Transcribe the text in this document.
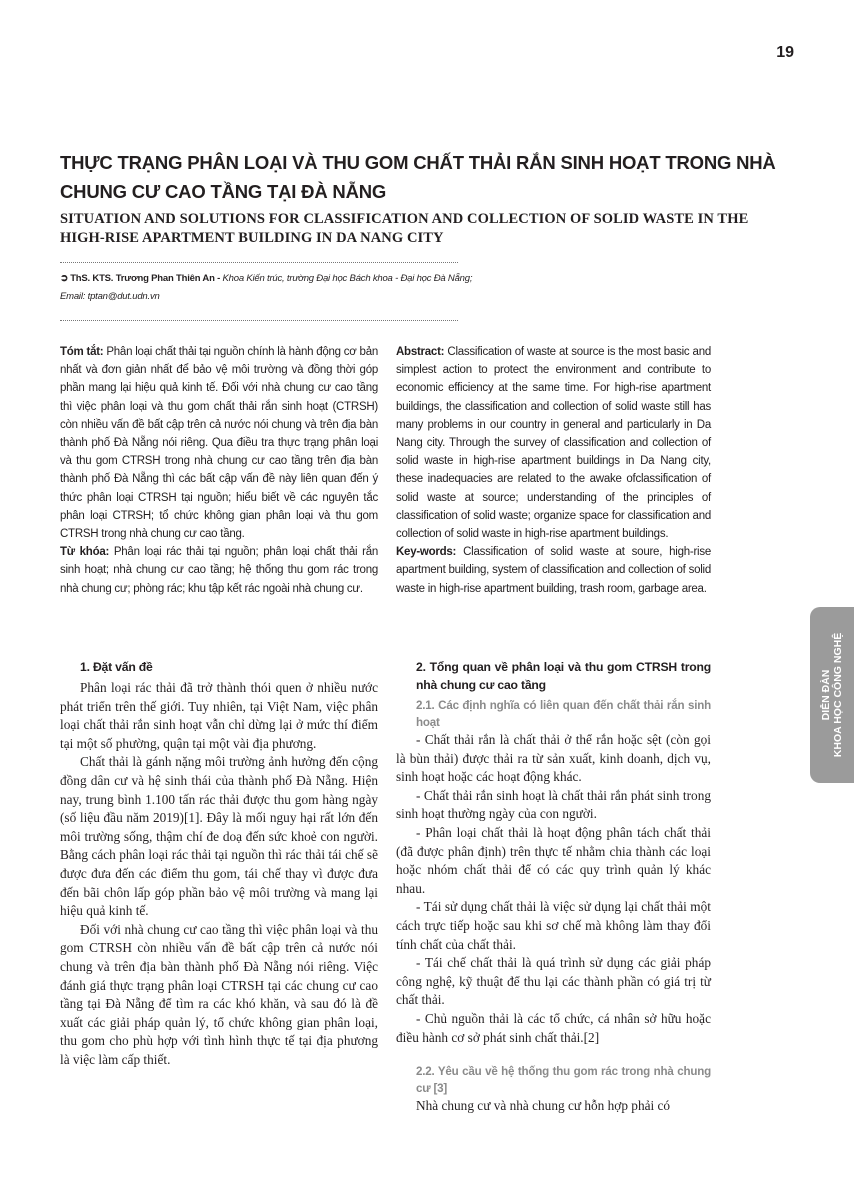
19
THỰC TRẠNG PHÂN LOẠI VÀ THU GOM CHẤT THẢI RẮN SINH HOẠT TRONG NHÀ CHUNG CƯ CAO TẦNG TẠI ĐÀ NẴNG
SITUATION AND SOLUTIONS FOR CLASSIFICATION AND COLLECTION OF SOLID WASTE IN THE HIGH-RISE APARTMENT BUILDING IN DA NANG CITY
➲ ThS. KTS. Trương Phan Thiên An - Khoa Kiến trúc, trường Đại học Bách khoa - Đại học Đà Nẵng;
Email: tptan@dut.udn.vn
Tóm tắt: Phân loại chất thải tại nguồn chính là hành động cơ bản nhất và đơn giản nhất để bảo vệ môi trường và đồng thời góp phần mang lại hiệu quả kinh tế. Đối với nhà chung cư cao tầng thì việc phân loại và thu gom chất thải rắn sinh hoạt (CTRSH) còn nhiều vấn đề bất cập trên cả nước nói chung và trên địa bàn thành phố Đà Nẵng nói riêng. Qua điều tra thực trạng phân loại và thu gom CTRSH trong nhà chung cư cao tầng trên địa bàn thành phố Đà Nẵng thì các bất cập vấn đề này liên quan đến ý thức phân loại CTRSH tại nguồn; hiểu biết về các nguyên tắc phân loại CTRSH; tổ chức không gian phân loại và thu gom CTRSH trong nhà chung cư cao tầng.
Từ khóa: Phân loại rác thải tại nguồn; phân loại chất thải rắn sinh hoạt; nhà chung cư cao tầng; hệ thống thu gom rác trong nhà chung cư; phòng rác; khu tập kết rác ngoài nhà chung cư.
Abstract: Classification of waste at source is the most basic and simplest action to protect the environment and contribute to economic efficiency at the same time. For high-rise apartment buildings, the classification and collection of solid waste still has many problems in our country in general and particularly in Da Nang city. Through the survey of classification and collection of solid waste in high-rise apartment buildings in Da Nang city, these inadequacies are related to the awake ofclassification of solid waste at source; understanding of the principles of classification of solid waste; organize space for classification and collection of solid waste in high-rise apartment buildings.
Key-words: Classification of solid waste at soure, high-rise apartment building, system of classification and collection of solid waste in high-rise apartment building, trash room, garbage area.
1. Đặt vấn đề

Phân loại rác thải đã trở thành thói quen ở nhiều nước phát triển trên thế giới. Tuy nhiên, tại Việt Nam, việc phân loại chất thải rắn sinh hoạt vẫn chỉ dừng lại ở mức thí điểm tại một số phường, quận tại một vài địa phương.

Chất thải là gánh nặng môi trường ảnh hưởng đến cộng đồng dân cư và hệ sinh thái của thành phố Đà Nẵng. Hiện nay, trung bình 1.100 tấn rác thải được thu gom hàng ngày (số liệu đầu năm 2019)[1]. Đây là mối nguy hại rất lớn đến môi trường sống, thậm chí đe doạ đến sức khoẻ con người. Bằng cách phân loại rác thải tại nguồn thì rác thải tái chế sẽ được đưa đến các điểm thu gom, tái chế thay vì được đưa đến bãi chôn lấp góp phần bảo vệ môi trường và mang lại hiệu quả kinh tế.

Đối với nhà chung cư cao tầng thì việc phân loại và thu gom CTRSH còn nhiều vấn đề bất cập trên cả nước nói chung và trên địa bàn thành phố Đà Nẵng nói riêng. Việc đánh giá thực trạng phân loại CTRSH tại các chung cư cao tầng tại Đà Nẵng để tìm ra các khó khăn, và sau đó là đề xuất các giải pháp quản lý, tổ chức không gian phân loại, thu gom cho phù hợp với tình hình thực tế tại địa phương là việc làm cấp thiết.

2. Tổng quan về phân loại và thu gom CTRSH trong nhà chung cư cao tầng
2.1. Các định nghĩa có liên quan đến chất thải rắn sinh hoạt

- Chất thải rắn là chất thải ở thể rắn hoặc sệt (còn gọi là bùn thải) được thải ra từ sản xuất, kinh doanh, dịch vụ, sinh hoạt hoặc các hoạt động khác.

- Chất thải rắn sinh hoạt là chất thải rắn phát sinh trong sinh hoạt thường ngày của con người.

- Phân loại chất thải là hoạt động phân tách chất thải (đã được phân định) trên thực tế nhằm chia thành các loại hoặc nhóm chất thải để có các quy trình quản lý khác nhau.

- Tái sử dụng chất thải là việc sử dụng lại chất thải một cách trực tiếp hoặc sau khi sơ chế mà không làm thay đổi tính chất của chất thải.

- Tái chế chất thải là quá trình sử dụng các giải pháp công nghệ, kỹ thuật để thu lại các thành phần có giá trị từ chất thải.

- Chủ nguồn thải là các tổ chức, cá nhân sở hữu hoặc điều hành cơ sở phát sinh chất thải.[2]

2.2. Yêu cầu về hệ thống thu gom rác trong nhà chung cư [3]

Nhà chung cư và nhà chung cư hỗn hợp phải có

DIỄN ĐÀN KHOA HỌC CÔNG NGHỆ
